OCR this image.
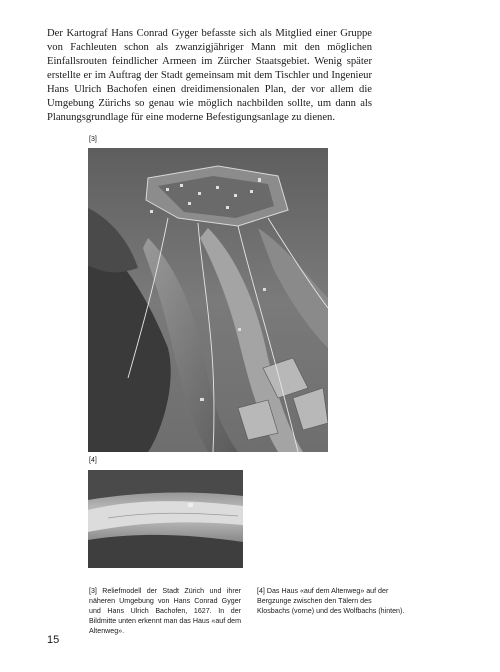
Der Kartograf Hans Conrad Gyger befasste sich als Mitglied einer Gruppe von Fachleuten schon als zwanzigjähriger Mann mit den möglichen Einfallsrouten feindlicher Armeen im Zürcher Staatsgebiet. Wenig später erstellte er im Auftrag der Stadt gemeinsam mit dem Tischler und Ingenieur Hans Ulrich Bachofen einen dreidimensionalen Plan, der vor allem die Umgebung Zürichs so genau wie möglich nachbilden sollte, um dann als Planungsgrundlage für eine moderne Befestigungsanlage zu dienen.

[3]
[4]
[3] Reliefmodell der Stadt Zürich und ihrer näheren Umgebung von Hans Conrad Gyger und Hans Ulrich Bachofen, 1627. In der Bildmitte unten erkennt man das Haus «auf dem Altenweg».
[4] Das Haus «auf dem Altenweg» auf der Bergzunge zwischen den Tälern des Klosbachs (vorne) und des Wolfbachs (hinten).
15
